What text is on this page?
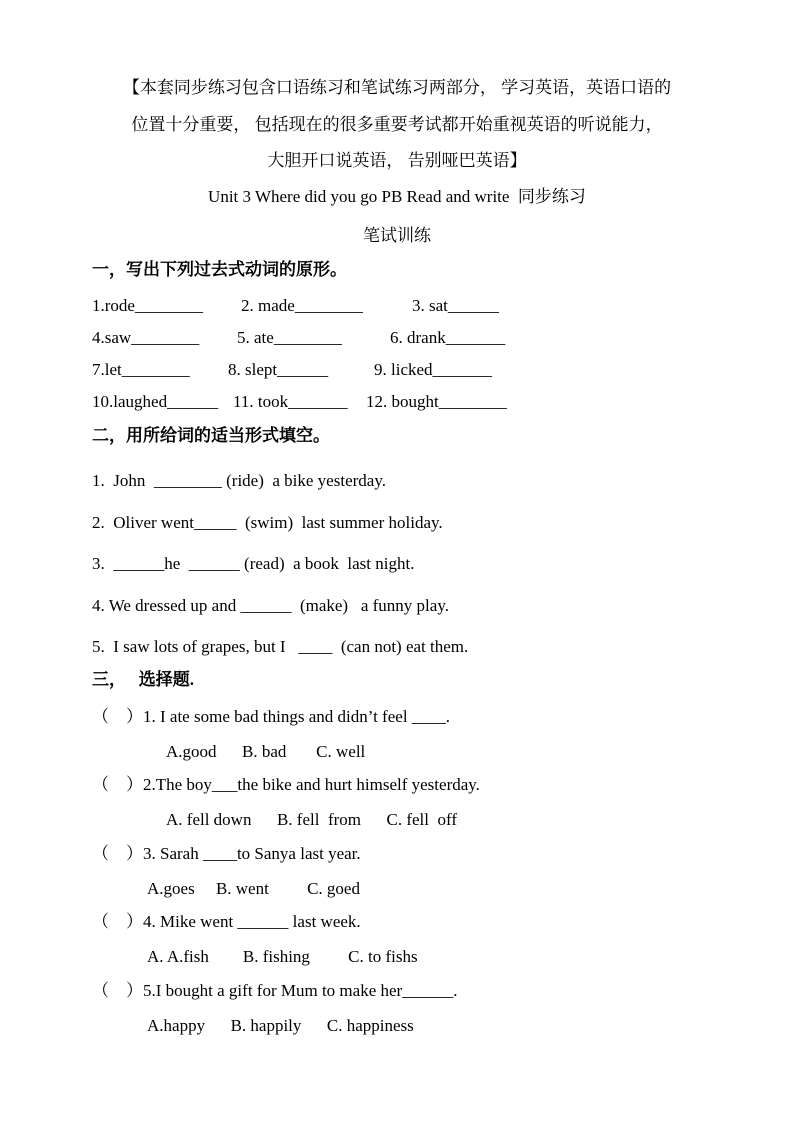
【本套同步练习包含口语练习和笔试练习两部分， 学习英语，英语口语的
位置十分重要， 包括现在的很多重要考试都开始重视英语的听说能力，
大胆开口说英语， 告别哑巴英语】
Unit 3 Where did you go PB Read and write  同步练习
笔试训练
一，写出下列过去式动词的原形。
1.rode________ 2. made________	3. sat______
4.saw________ 5. ate________	6. drank_______
7.let________ 8. slept______	9. licked_______
10.laughed______ 11. took_______ 12. bought________
二，用所给词的适当形式填空。
1.  John  ________ (ride)  a bike yesterday.
2.  Oliver went_____  (swim)  last summer holiday.
3.  ______he  ______ (read)  a book  last night.
4. We dressed up and ______  (make)   a funny play.
5.  I saw lots of grapes, but I   ____  (can not) eat them.
三，   选择题.
（    ）1. I ate some bad things and didn’t feel ____.
A.good      B. bad       C. well
（    ）2.The boy___the bike and hurt himself yesterday.
A. fell down      B. fell  from      C. fell  off
（    ）3. Sarah ____to Sanya last year.
A.goes     B. went         C. goed
（    ）4. Mike went ______ last week.
A. A.fish        B. fishing         C. to fishs
（    ）5.I bought a gift for Mum to make her______.
A.happy      B. happily      C. happiness
